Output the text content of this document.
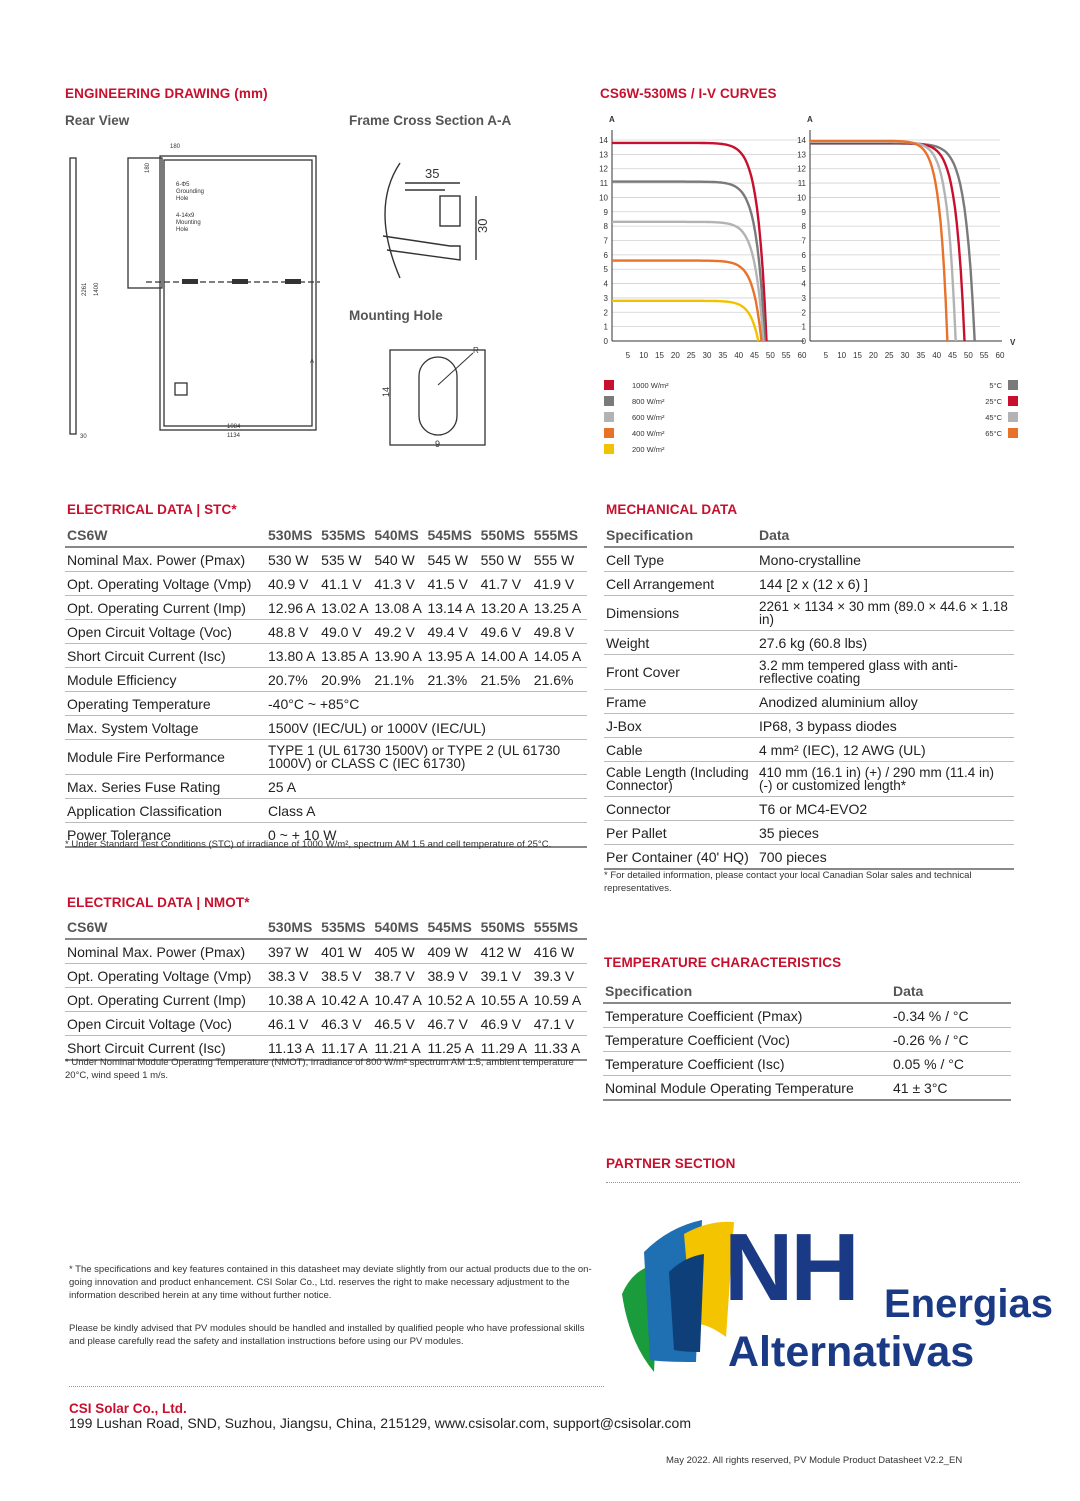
ENGINEERING DRAWING (mm)
Rear View	Frame Cross Section A-A
Mounting Hole
180
180
6-Φ5
Grounding
Hole
4-14x9
Mounting
Hole
2261 1400
1084
1134
30
A
35
30
R
14
9
CS6W-530MS / I-V CURVES
A
14
13
12
11
10
9
8
7
6
5
4
3
2
1
0
5 10 15 20 25 30 35 40 45 50 55 60
A
14
13
12
11
10
9
8
7
6
5
4
3
2
1
0
5 10 15 20 25 30 35 40 45 50 55 60
V
1000 W/m²
800 W/m²
600 W/m²
400 W/m²
200 W/m²
5°C
25°C
45°C
65°C
ELECTRICAL DATA | STC*
CS6W	530MS	535MS	540MS	545MS	550MS	555MS
Nominal Max. Power (Pmax)	530 W	535 W	540 W	545 W	550 W	555 W
Opt. Operating Voltage (Vmp)	40.9 V	41.1 V	41.3 V	41.5 V	41.7 V	41.9 V
Opt. Operating Current (Imp)	12.96 A	13.02 A	13.08 A	13.14 A	13.20 A	13.25 A
Open Circuit Voltage (Voc)	48.8 V	49.0 V	49.2 V	49.4 V	49.6 V	49.8 V
Short Circuit Current (Isc)	13.80 A	13.85 A	13.90 A	13.95 A	14.00 A	14.05 A
Module Efficiency	20.7%	20.9%	21.1%	21.3%	21.5%	21.6%
Operating Temperature	-40°C ~ +85°C					
Max. System Voltage	1500V (IEC/UL) or 1000V (IEC/UL)					
Module Fire Performance	TYPE 1 (UL 61730 1500V) or TYPE 2 (UL 61730 1000V) or CLASS C (IEC 61730)					
Max. Series Fuse Rating	25 A					
Application Classification	Class A					
Power Tolerance	0 ~ + 10 W					
* Under Standard Test Conditions (STC) of irradiance of 1000 W/m², spectrum AM 1.5 and cell temperature of 25°C.
ELECTRICAL DATA | NMOT*
CS6W	530MS	535MS	540MS	545MS	550MS	555MS
Nominal Max. Power (Pmax)	397 W	401 W	405 W	409 W	412 W	416 W
Opt. Operating Voltage (Vmp)	38.3 V	38.5 V	38.7 V	38.9 V	39.1 V	39.3 V
Opt. Operating Current (Imp)	10.38 A	10.42 A	10.47 A	10.52 A	10.55 A	10.59 A
Open Circuit Voltage (Voc)	46.1 V	46.3 V	46.5 V	46.7 V	46.9 V	47.1 V
Short Circuit Current (Isc)	11.13 A	11.17 A	11.21 A	11.25 A	11.29 A	11.33 A
* Under Nominal Module Operating Temperature (NMOT), irradiance of 800 W/m² spectrum AM 1.5, ambient temperature 20°C, wind speed 1 m/s.
MECHANICAL DATA
Specification	Data
Cell Type	Mono-crystalline
Cell Arrangement	144 [2 x (12 x 6) ]
Dimensions	2261 × 1134 × 30 mm (89.0 × 44.6 × 1.18 in)
Weight	27.6 kg (60.8 lbs)
Front Cover	3.2 mm tempered glass with anti-reflective coating
Frame	Anodized aluminium alloy
J-Box	IP68, 3 bypass diodes
Cable	4 mm² (IEC), 12 AWG (UL)
Cable Length (Including Connector)	410 mm (16.1 in) (+) / 290 mm (11.4 in) (-) or customized length*
Connector	T6 or MC4-EVO2
Per Pallet	35 pieces
Per Container (40' HQ)	700 pieces
* For detailed information, please contact your local Canadian Solar sales and technical representatives.
TEMPERATURE CHARACTERISTICS
Specification	Data
Temperature Coefficient (Pmax)	-0.34 % / °C
Temperature Coefficient (Voc)	-0.26 % / °C
Temperature Coefficient (Isc)	0.05 % / °C
Nominal Module Operating Temperature	41 ± 3°C
PARTNER SECTION
NH Energias
Alternativas
* The specifications and key features contained in this datasheet may deviate slightly from our actual products due to the on-going innovation and product enhancement. CSI Solar Co., Ltd. reserves the right to make necessary adjustment to the information described herein at any time without further notice.
Please be kindly advised that PV modules should be handled and installed by qualified people who have professional skills and please carefully read the safety and installation instructions before using our PV modules.
CSI Solar Co., Ltd.
199 Lushan Road, SND, Suzhou, Jiangsu, China, 215129, www.csisolar.com, support@csisolar.com
May 2022. All rights reserved, PV Module Product Datasheet V2.2_EN
